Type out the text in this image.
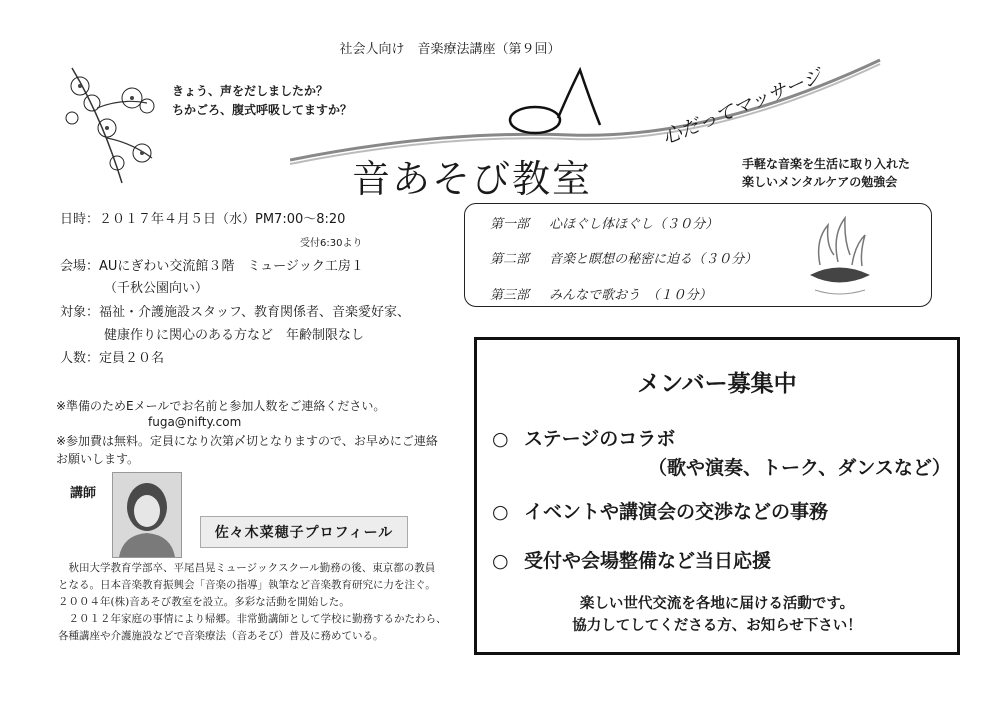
社会人向け　音楽療法講座（第９回）
きょう、声をだしましたか？
ちかごろ、腹式呼吸してますか？
音あそび教室
心だってマッサージ
手軽な音楽を生活に取り入れた
楽しいメンタルケアの勉強会
日時：２０１７年４月５日（水）PM7:00～8:20
受付6:30より
会場：AUにぎわい交流館３階　ミュージック工房１
（千秋公園向い）
対象：福祉・介護施設スタッフ、教育関係者、音楽愛好家、
健康作りに関心のある方など　年齢制限なし
人数：定員２０名
第一部 心ほぐし体ほぐし（３０分）
第二部 音楽と瞑想の秘密に迫る（３０分）
第三部 みんなで歌おう　（１０分）
※準備のためEメールでお名前と参加人数をご連絡ください。
fuga@nifty.com
※参加費は無料。定員になり次第〆切となりますので、お早めにご連絡
お願いします。
講師
佐々木菜穂子プロフィール
　秋田大学教育学部卒、平尾昌晃ミュージックスクール勤務の後、東京都の教員
となる。日本音楽教育振興会「音楽の指導」執筆など音楽教育研究に力を注ぐ。
２００４年(株)音あそび教室を設立。多彩な活動を開始した。
　２０１２年家庭の事情により帰郷。非常勤講師として学校に勤務するかたわら、
各種講座や介護施設などで音楽療法（音あそび）普及に務めている。
メンバー募集中
○ ステージのコラボ
（歌や演奏、トーク、ダンスなど）
○ イベントや講演会の交渉などの事務
○ 受付や会場整備など当日応援
楽しい世代交流を各地に届ける活動です。
協力してしてくださる方、お知らせ下さい！
